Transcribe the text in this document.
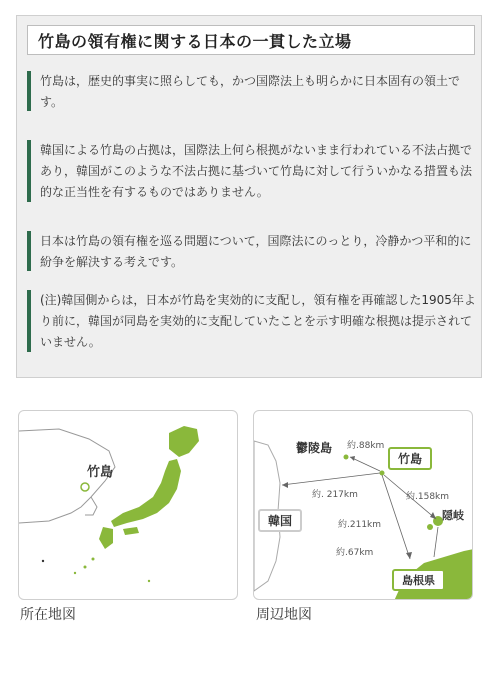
竹島の領有権に関する日本の一貫した立場
竹島は，歴史的事実に照らしても，かつ国際法上も明らかに日本固有の領土です。
韓国による竹島の占拠は，国際法上何ら根拠がないまま行われている不法占拠であり，韓国がこのような不法占拠に基づいて竹島に対して行ういかなる措置も法的な正当性を有するものではありません。
日本は竹島の領有権を巡る問題について，国際法にのっとり，冷静かつ平和的に紛争を解決する考えです。
(注)韓国側からは，日本が竹島を実効的に支配し，領有権を再確認した1905年より前に，韓国が同島を実効的に支配していたことを示す明確な根拠は提示されていません。
竹島
所在地図
鬱陵島 約.88km
竹島
約. 217km	約.158km
韓国	隠岐
約.211km
約.67km
島根県
周辺地図
